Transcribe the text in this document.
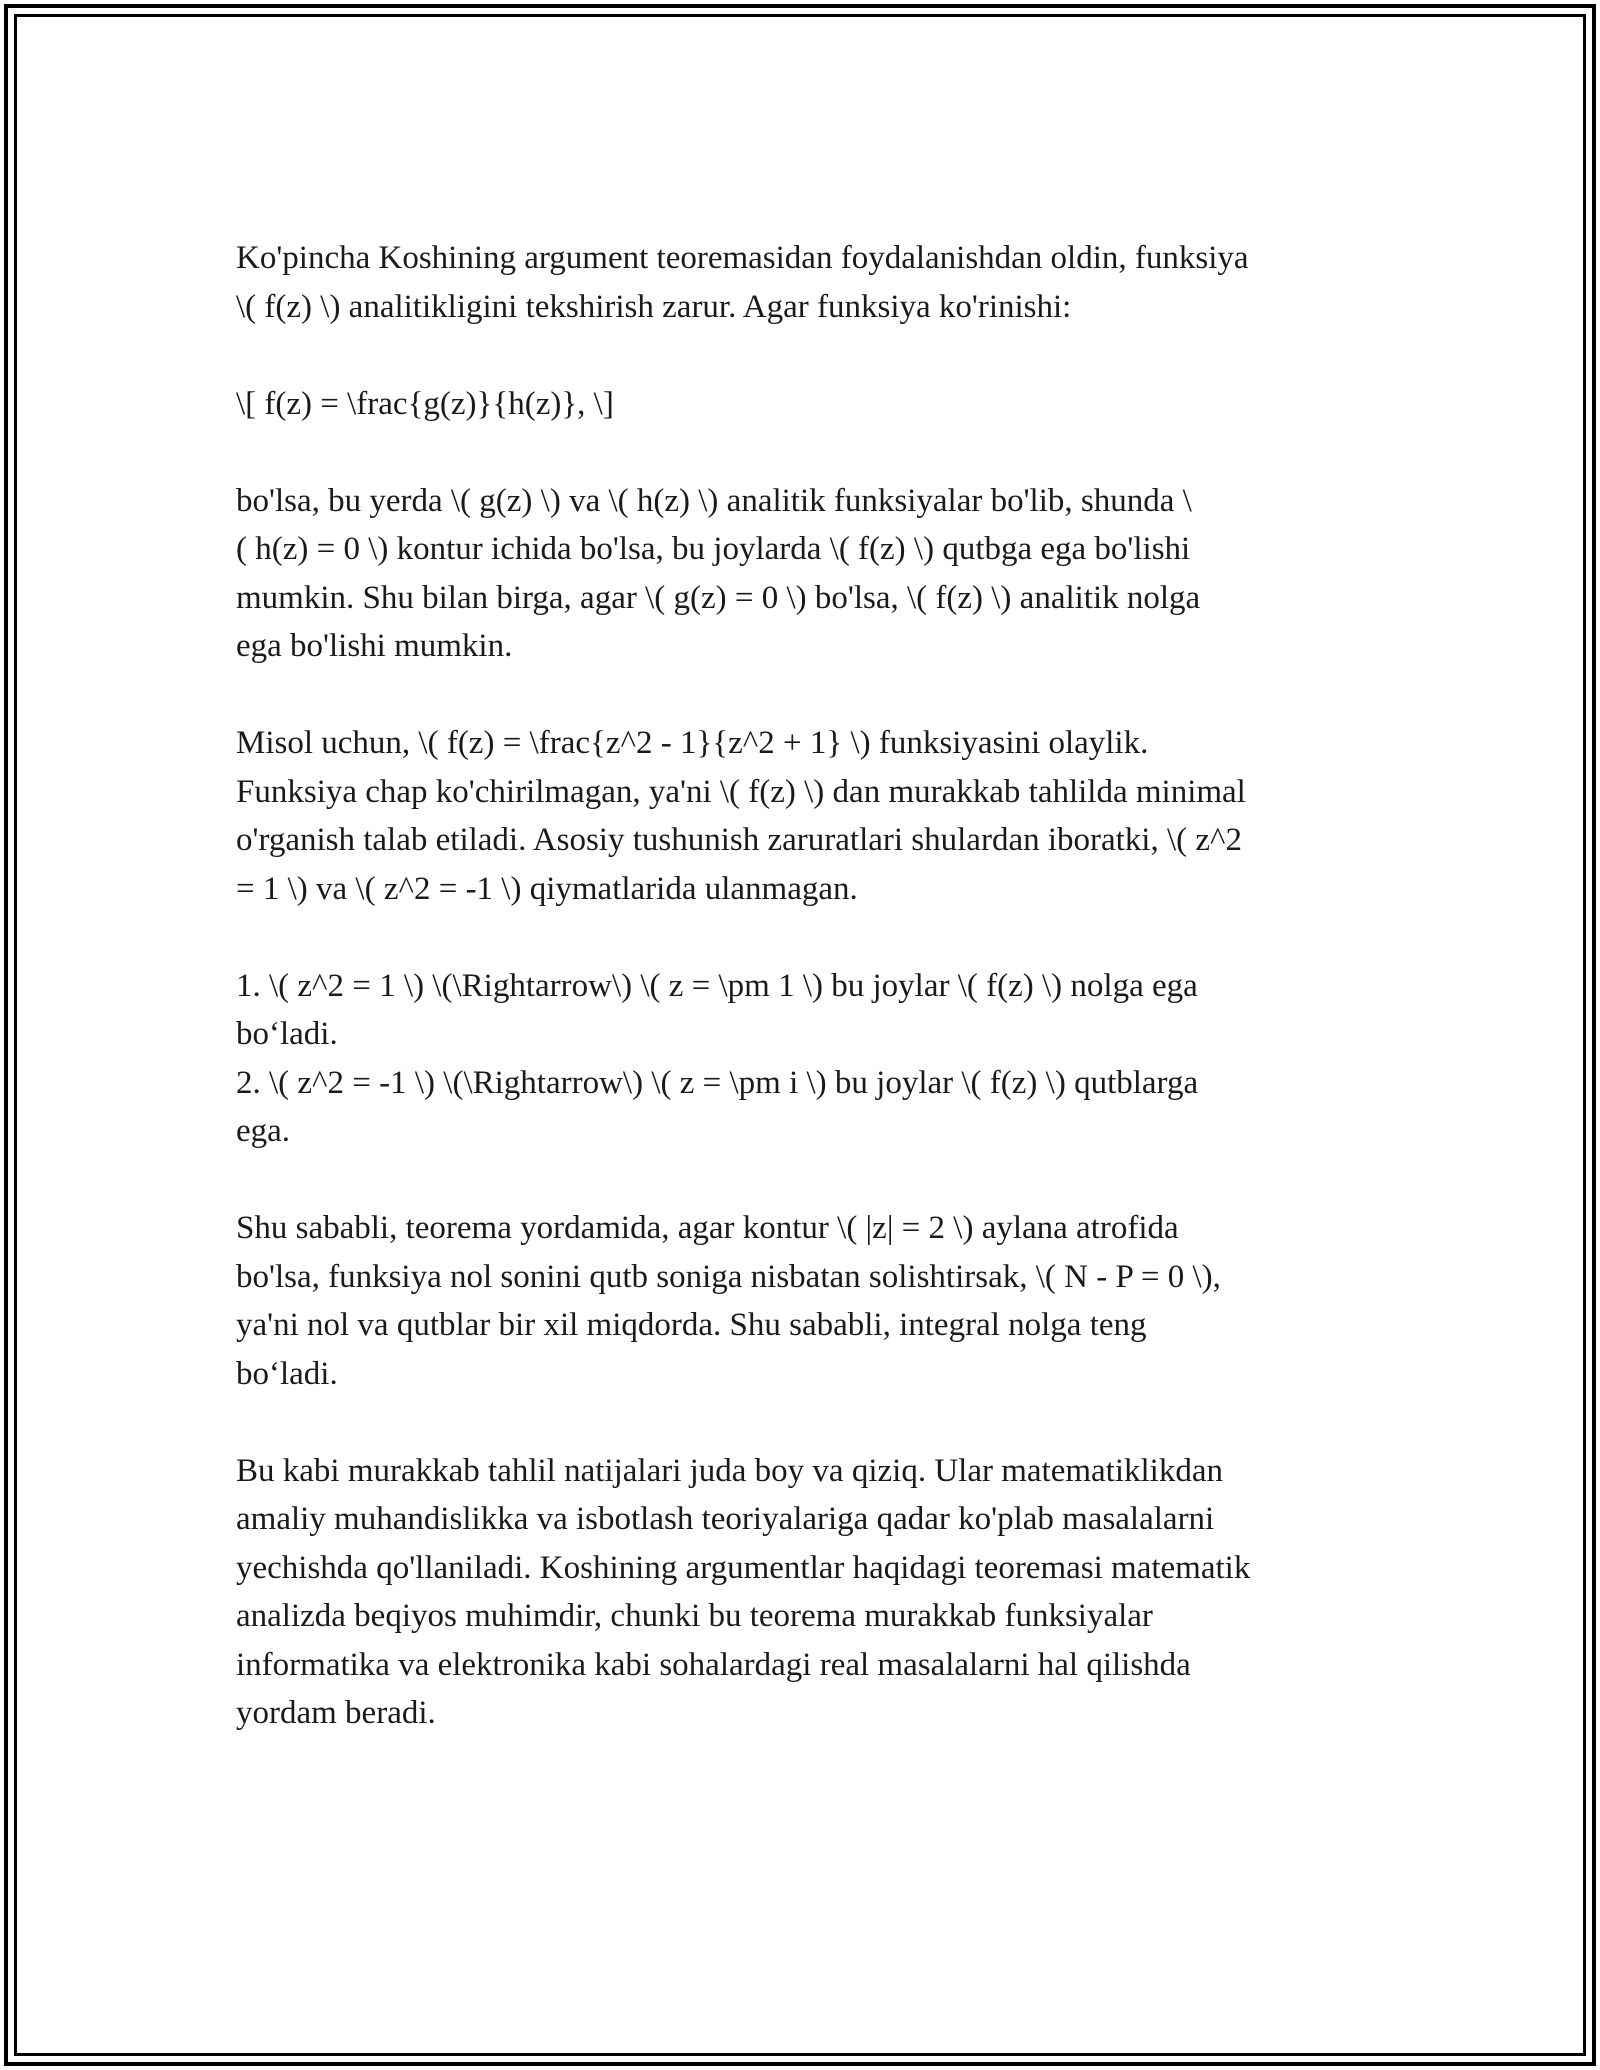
Ko'pincha Koshining argument teoremasidan foydalanishdan oldin, funksiya
\( f(z) \) analitikligini tekshirish zarur. Agar funksiya ko'rinishi:

\[ f(z) = \frac{g(z)}{h(z)}, \]

bo'lsa, bu yerda \( g(z) \) va \( h(z) \) analitik funksiyalar bo'lib, shunda \
( h(z) = 0 \) kontur ichida bo'lsa, bu joylarda \( f(z) \) qutbga ega bo'lishi
mumkin. Shu bilan birga, agar \( g(z) = 0 \) bo'lsa, \( f(z) \) analitik nolga
ega bo'lishi mumkin.

Misol uchun, \( f(z) = \frac{z^2 - 1}{z^2 + 1} \) funksiyasini olaylik.
Funksiya chap ko'chirilmagan, ya'ni \( f(z) \) dan murakkab tahlilda minimal
o'rganish talab etiladi. Asosiy tushunish zaruratlari shulardan iboratki, \( z^2
= 1 \) va \( z^2 = -1 \) qiymatlarida ulanmagan.

1. \( z^2 = 1 \) \(\Rightarrow\) \( z = \pm 1 \) bu joylar \( f(z) \) nolga ega
bo‘ladi.
2. \( z^2 = -1 \) \(\Rightarrow\) \( z = \pm i \) bu joylar \( f(z) \) qutblarga
ega.

Shu sababli, teorema yordamida, agar kontur \( |z| = 2 \) aylana atrofida
bo'lsa, funksiya nol sonini qutb soniga nisbatan solishtirsak, \( N - P = 0 \),
ya'ni nol va qutblar bir xil miqdorda. Shu sababli, integral nolga teng
bo‘ladi.

Bu kabi murakkab tahlil natijalari juda boy va qiziq. Ular matematiklikdan
amaliy muhandislikka va isbotlash teoriyalariga qadar ko'plab masalalarni
yechishda qo'llaniladi. Koshining argumentlar haqidagi teoremasi matematik
analizda beqiyos muhimdir, chunki bu teorema murakkab funksiyalar
informatika va elektronika kabi sohalardagi real masalalarni hal qilishda
yordam beradi.
